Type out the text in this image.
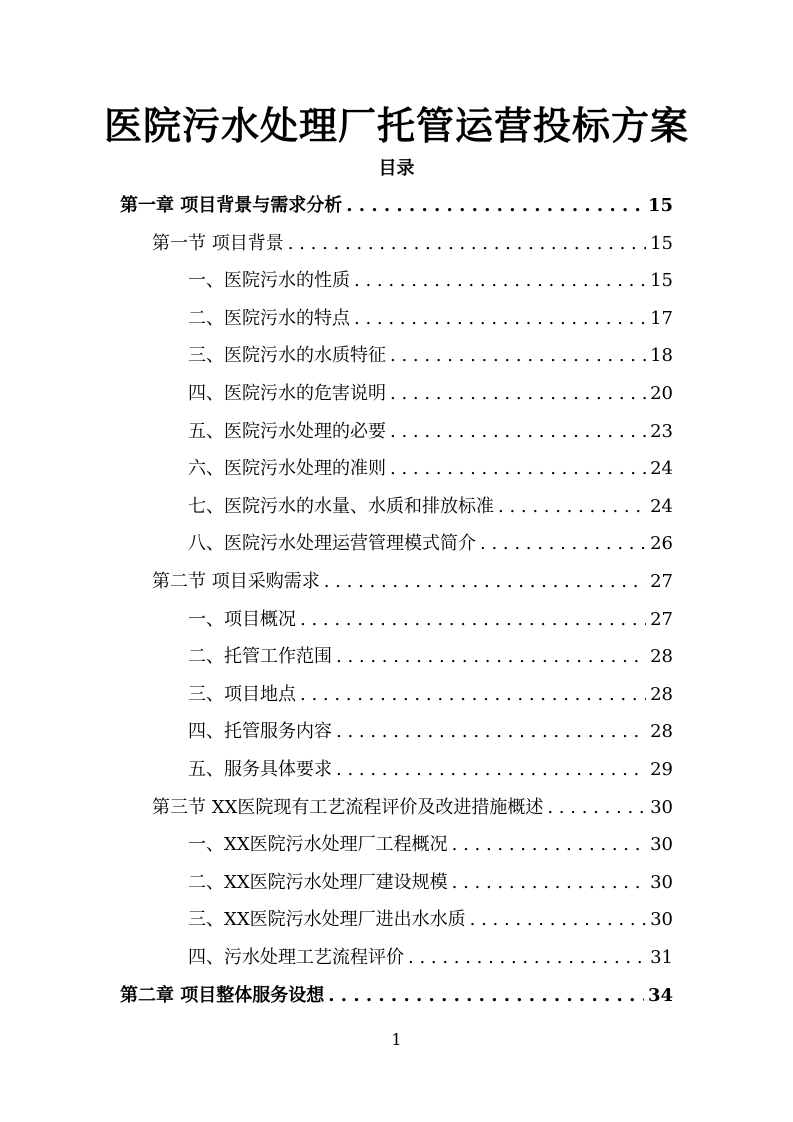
医院污水处理厂托管运营投标方案
目录
第一章 项目背景与需求分析 . . .	15
第一节 项目背景 . . .	15
一、医院污水的性质 . . .	15
二、医院污水的特点 . . .	17
三、医院污水的水质特征 . . .	18
四、医院污水的危害说明 . . .	20
五、医院污水处理的必要 . . .	23
六、医院污水处理的准则 . . .	24
七、医院污水的水量、水质和排放标准 . . .	24
八、医院污水处理运营管理模式简介 . . .	26
第二节 项目采购需求 . . .	27
一、项目概况 . . .	27
二、托管工作范围 . . .	28
三、项目地点 . . .	28
四、托管服务内容 . . .	28
五、服务具体要求 . . .	29
第三节 XX医院现有工艺流程评价及改进措施概述 . . .	30
一、XX医院污水处理厂工程概况 . . .	30
二、XX医院污水处理厂建设规模 . . .	30
三、XX医院污水处理厂进出水水质 . . .	30
四、污水处理工艺流程评价 . . .	31
第二章 项目整体服务设想 . . .	34
1
